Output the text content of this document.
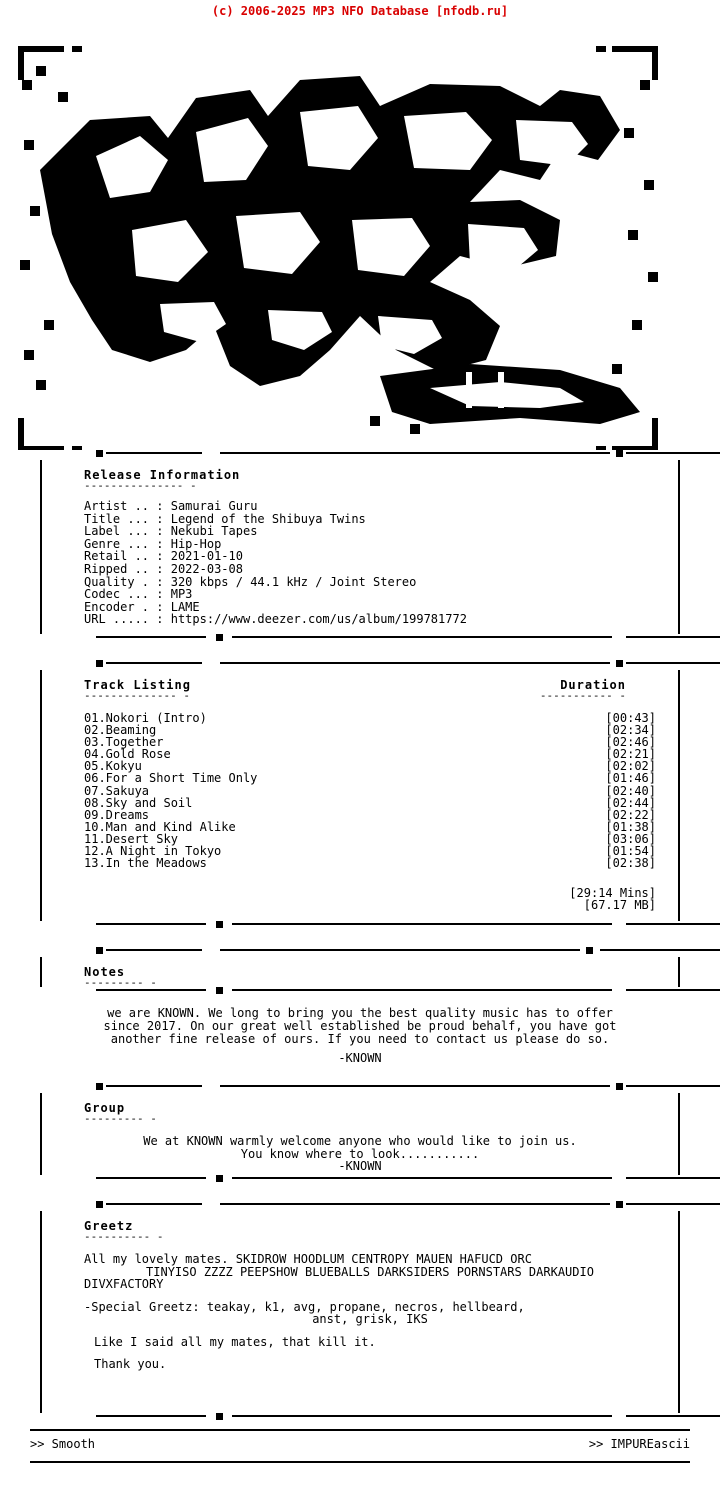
(c) 2006-2025 MP3 NFO Database [nfodb.ru]
sM
Release Information
--------------- -
Artist .. : Samurai Guru
Title ... : Legend of the Shibuya Twins
Label ... : Nekubi Tapes
Genre ... : Hip-Hop
Retail .. : 2021-01-10
Ripped .. : 2022-03-08
Quality . : 320 kbps / 44.1 kHz / Joint Stereo
Codec ... : MP3
Encoder . : LAME
URL ..... : https://www.deezer.com/us/album/199781772
Track Listing	Duration
-------------- -	----------- -
01.Nokori (Intro)	[00:43]
02.Beaming	[02:34]
03.Together	[02:46]
04.Gold Rose	[02:21]
05.Kokyu	[02:02]
06.For a Short Time Only	[01:46]
07.Sakuya	[02:40]
08.Sky and Soil	[02:44]
09.Dreams	[02:22]
10.Man and Kind Alike	[01:38]
11.Desert Sky	[03:06]
12.A Night in Tokyo	[01:54]
13.In the Meadows	[02:38]
[29:14 Mins]
[67.17 MB]
Notes
--------- -
we are KNOWN. We long to bring you the best quality music has to offer
since 2017. On our great well established be proud behalf, you have got
another fine release of ours. If you need to contact us please do so.
-KNOWN
Group
--------- -
We at KNOWN warmly welcome anyone who would like to join us.
You know where to look...........
-KNOWN
Greetz
---------- -
All my lovely mates. SKIDROW HOODLUM CENTROPY MAUEN HAFUCD ORC
TINYISO ZZZZ PEEPSHOW BLUEBALLS DARKSIDERS PORNSTARS DARKAUDIO
DIVXFACTORY
-Special Greetz: teakay, k1, avg, propane, necros, hellbeard,
anst, grisk, IKS
Like I said all my mates, that kill it.
Thank you.
>> Smooth	>> IMPUREascii
